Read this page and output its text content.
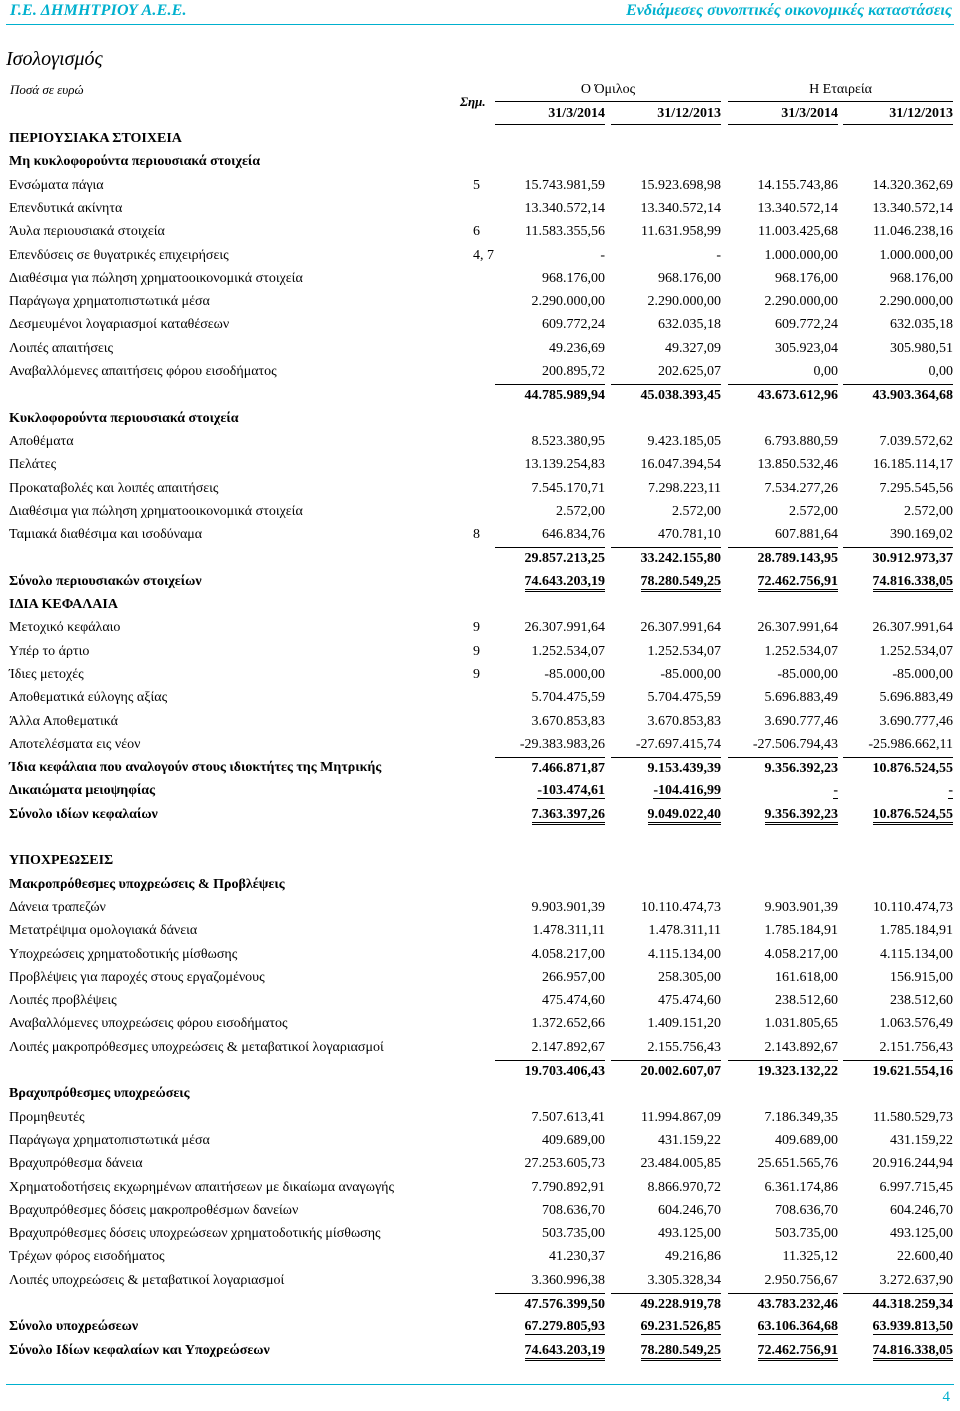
Γ.Ε. ΔΗΜΗΤΡΙΟΥ Α.Ε.Ε.	Ενδιάμεσες συνοπτικές οικονομικές καταστάσεις
Ισολογισμός
Ποσά σε ευρώ
Σημ.
Ο Όμιλος	Η Εταιρεία
31/3/2014	31/12/2013	31/3/2014	31/12/2013
ΠΕΡΙΟΥΣΙΑΚΑ ΣΤΟΙΧΕΙΑ
Μη κυκλοφορούντα περιουσιακά στοιχεία
Ενσώματα πάγια	5	15.743.981,59	15.923.698,98	14.155.743,86	14.320.362,69
Επενδυτικά ακίνητα	13.340.572,14	13.340.572,14	13.340.572,14	13.340.572,14
Άυλα περιουσιακά στοιχεία	6	11.583.355,56	11.631.958,99	11.003.425,68	11.046.238,16
Επενδύσεις σε θυγατρικές επιχειρήσεις	4, 7	-	-	1.000.000,00	1.000.000,00
Διαθέσιμα για πώληση χρηματοοικονομικά στοιχεία	968.176,00	968.176,00	968.176,00	968.176,00
Παράγωγα χρηματοπιστωτικά μέσα	2.290.000,00	2.290.000,00	2.290.000,00	2.290.000,00
Δεσμευμένοι λογαριασμοί καταθέσεων	609.772,24	632.035,18	609.772,24	632.035,18
Λοιπές απαιτήσεις	49.236,69	49.327,09	305.923,04	305.980,51
Αναβαλλόμενες απαιτήσεις φόρου εισοδήματος	200.895,72	202.625,07	0,00	0,00
44.785.989,94	45.038.393,45	43.673.612,96	43.903.364,68
Κυκλοφορούντα περιουσιακά στοιχεία
Αποθέματα	8.523.380,95	9.423.185,05	6.793.880,59	7.039.572,62
Πελάτες	13.139.254,83	16.047.394,54	13.850.532,46	16.185.114,17
Προκαταβολές και λοιπές απαιτήσεις	7.545.170,71	7.298.223,11	7.534.277,26	7.295.545,56
Διαθέσιμα για πώληση χρηματοοικονομικά στοιχεία	2.572,00	2.572,00	2.572,00	2.572,00
Ταμιακά διαθέσιμα και ισοδύναμα	8	646.834,76	470.781,10	607.881,64	390.169,02
29.857.213,25	33.242.155,80	28.789.143,95	30.912.973,37
Σύνολο περιουσιακών στοιχείων	74.643.203,19	78.280.549,25	72.462.756,91	74.816.338,05
ΙΔΙΑ ΚΕΦΑΛΑΙΑ
Μετοχικό κεφάλαιο	9	26.307.991,64	26.307.991,64	26.307.991,64	26.307.991,64
Υπέρ το άρτιο	9	1.252.534,07	1.252.534,07	1.252.534,07	1.252.534,07
Ίδιες μετοχές	9	-85.000,00	-85.000,00	-85.000,00	-85.000,00
Αποθεματικά εύλογης αξίας	5.704.475,59	5.704.475,59	5.696.883,49	5.696.883,49
Άλλα Αποθεματικά	3.670.853,83	3.670.853,83	3.690.777,46	3.690.777,46
Αποτελέσματα εις νέον	-29.383.983,26	-27.697.415,74	-27.506.794,43	-25.986.662,11
Ίδια κεφάλαια που αναλογούν στους ιδιοκτήτες της Μητρικής	7.466.871,87	9.153.439,39	9.356.392,23	10.876.524,55
Δικαιώματα μειοψηφίας	-103.474,61	-104.416,99	-	-
Σύνολο ιδίων κεφαλαίων	7.363.397,26	9.049.022,40	9.356.392,23	10.876.524,55
ΥΠΟΧΡΕΩΣΕΙΣ
Μακροπρόθεσμες υποχρεώσεις & Προβλέψεις
Δάνεια τραπεζών	9.903.901,39	10.110.474,73	9.903.901,39	10.110.474,73
Μετατρέψιμα ομολογιακά δάνεια	1.478.311,11	1.478.311,11	1.785.184,91	1.785.184,91
Υποχρεώσεις χρηματοδοτικής μίσθωσης	4.058.217,00	4.115.134,00	4.058.217,00	4.115.134,00
Προβλέψεις για παροχές στους εργαζομένους	266.957,00	258.305,00	161.618,00	156.915,00
Λοιπές προβλέψεις	475.474,60	475.474,60	238.512,60	238.512,60
Αναβαλλόμενες υποχρεώσεις φόρου εισοδήματος	1.372.652,66	1.409.151,20	1.031.805,65	1.063.576,49
Λοιπές μακροπρόθεσμες υποχρεώσεις & μεταβατικοί λογαριασμοί	2.147.892,67	2.155.756,43	2.143.892,67	2.151.756,43
19.703.406,43	20.002.607,07	19.323.132,22	19.621.554,16
Βραχυπρόθεσμες υποχρεώσεις
Προμηθευτές	7.507.613,41	11.994.867,09	7.186.349,35	11.580.529,73
Παράγωγα χρηματοπιστωτικά μέσα	409.689,00	431.159,22	409.689,00	431.159,22
Βραχυπρόθεσμα δάνεια	27.253.605,73	23.484.005,85	25.651.565,76	20.916.244,94
Χρηματοδοτήσεις εκχωρημένων απαιτήσεων με δικαίωμα αναγωγής	7.790.892,91	8.866.970,72	6.361.174,86	6.997.715,45
Βραχυπρόθεσμες δόσεις μακροπροθέσμων δανείων	708.636,70	604.246,70	708.636,70	604.246,70
Βραχυπρόθεσμες δόσεις υποχρεώσεων χρηματοδοτικής μίσθωσης	503.735,00	493.125,00	503.735,00	493.125,00
Τρέχων φόρος εισοδήματος	41.230,37	49.216,86	11.325,12	22.600,40
Λοιπές υποχρεώσεις & μεταβατικοί λογαριασμοί	3.360.996,38	3.305.328,34	2.950.756,67	3.272.637,90
47.576.399,50	49.228.919,78	43.783.232,46	44.318.259,34
Σύνολο υποχρεώσεων	67.279.805,93	69.231.526,85	63.106.364,68	63.939.813,50
Σύνολο Ιδίων κεφαλαίων και Υποχρεώσεων	74.643.203,19	78.280.549,25	72.462.756,91	74.816.338,05
4
